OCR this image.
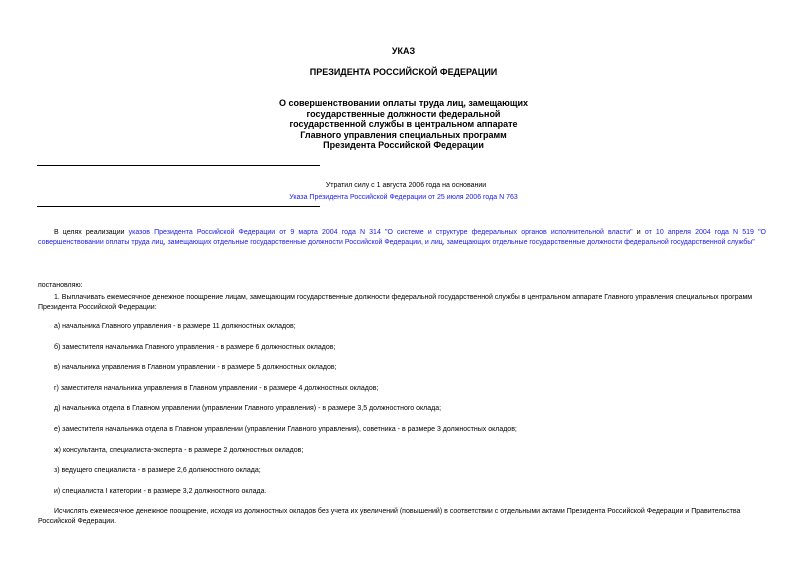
УКАЗ
ПРЕЗИДЕНТА РОССИЙСКОЙ ФЕДЕРАЦИИ
О совершенствовании оплаты труда лиц, замещающих
государственные должности федеральной
государственной службы в центральном аппарате
Главного управления специальных программ
Президента Российской Федерации
Утратил силу с 1 августа 2006 года на основании
Указа Президента Российской Федерации от 25 июля 2006 года N 763
В целях реализации указов Президента Российской Федерации от 9 марта 2004 года N 314 "О системе и структуре федеральных органов исполнительной власти" и от 10 апреля 2004 года N 519 "О совершенствовании оплаты труда лиц, замещающих отдельные государственные должности Российской Федерации, и лиц, замещающих отдельные государственные должности федеральной государственной службы"
постановляю:
1. Выплачивать ежемесячное денежное поощрение лицам, замещающим государственные должности федеральной государственной службы в центральном аппарате Главного управления специальных программ Президента Российской Федерации:
а) начальника Главного управления - в размере 11 должностных окладов;
б) заместителя начальника Главного управления - в размере 6 должностных окладов;
в) начальника управления в Главном управлении - в размере 5 должностных окладов;
г) заместителя начальника управления в Главном управлении - в размере 4 должностных окладов;
д) начальника отдела в Главном управлении (управлении Главного управления) - в размере 3,5 должностного оклада;
е) заместителя начальника отдела в Главном управлении (управлении Главного управления), советника - в размере 3 должностных окладов;
ж) консультанта, специалиста-эксперта - в размере 2 должностных окладов;
з) ведущего специалиста - в размере 2,6 должностного оклада;
и) специалиста I категории - в размере 3,2 должностного оклада.
Исчислять ежемесячное денежное поощрение, исходя из должностных окладов без учета их увеличений (повышений) в соответствии с отдельными актами Президента Российской Федерации и Правительства Российской Федерации.
